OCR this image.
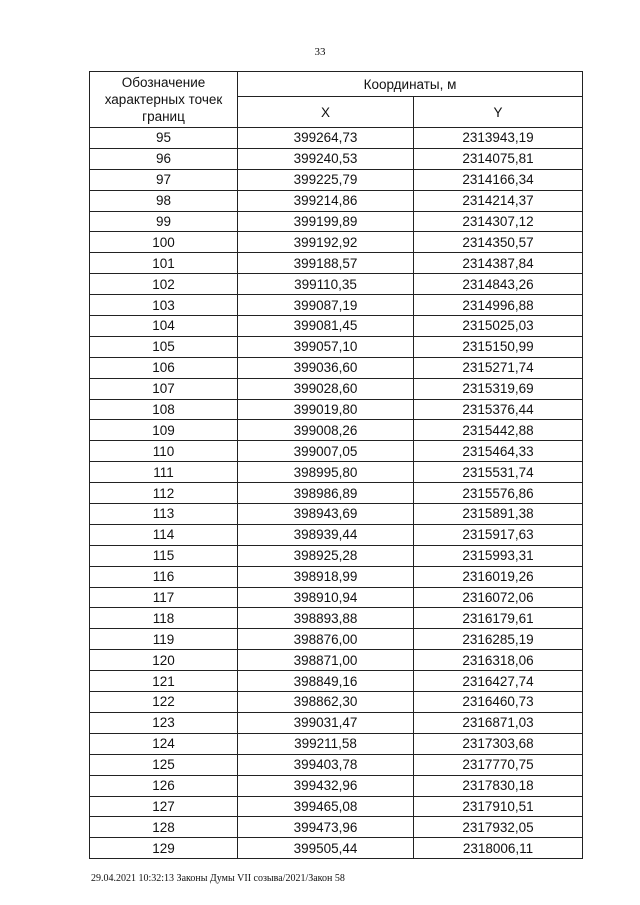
33
Обозначение характерных точек границ	Координаты, м	
	X	Y
95	399264,73	2313943,19
96	399240,53	2314075,81
97	399225,79	2314166,34
98	399214,86	2314214,37
99	399199,89	2314307,12
100	399192,92	2314350,57
101	399188,57	2314387,84
102	399110,35	2314843,26
103	399087,19	2314996,88
104	399081,45	2315025,03
105	399057,10	2315150,99
106	399036,60	2315271,74
107	399028,60	2315319,69
108	399019,80	2315376,44
109	399008,26	2315442,88
110	399007,05	2315464,33
111	398995,80	2315531,74
112	398986,89	2315576,86
113	398943,69	2315891,38
114	398939,44	2315917,63
115	398925,28	2315993,31
116	398918,99	2316019,26
117	398910,94	2316072,06
118	398893,88	2316179,61
119	398876,00	2316285,19
120	398871,00	2316318,06
121	398849,16	2316427,74
122	398862,30	2316460,73
123	399031,47	2316871,03
124	399211,58	2317303,68
125	399403,78	2317770,75
126	399432,96	2317830,18
127	399465,08	2317910,51
128	399473,96	2317932,05
129	399505,44	2318006,11
29.04.2021 10:32:13 Законы Думы VII созыва/2021/Закон 58
